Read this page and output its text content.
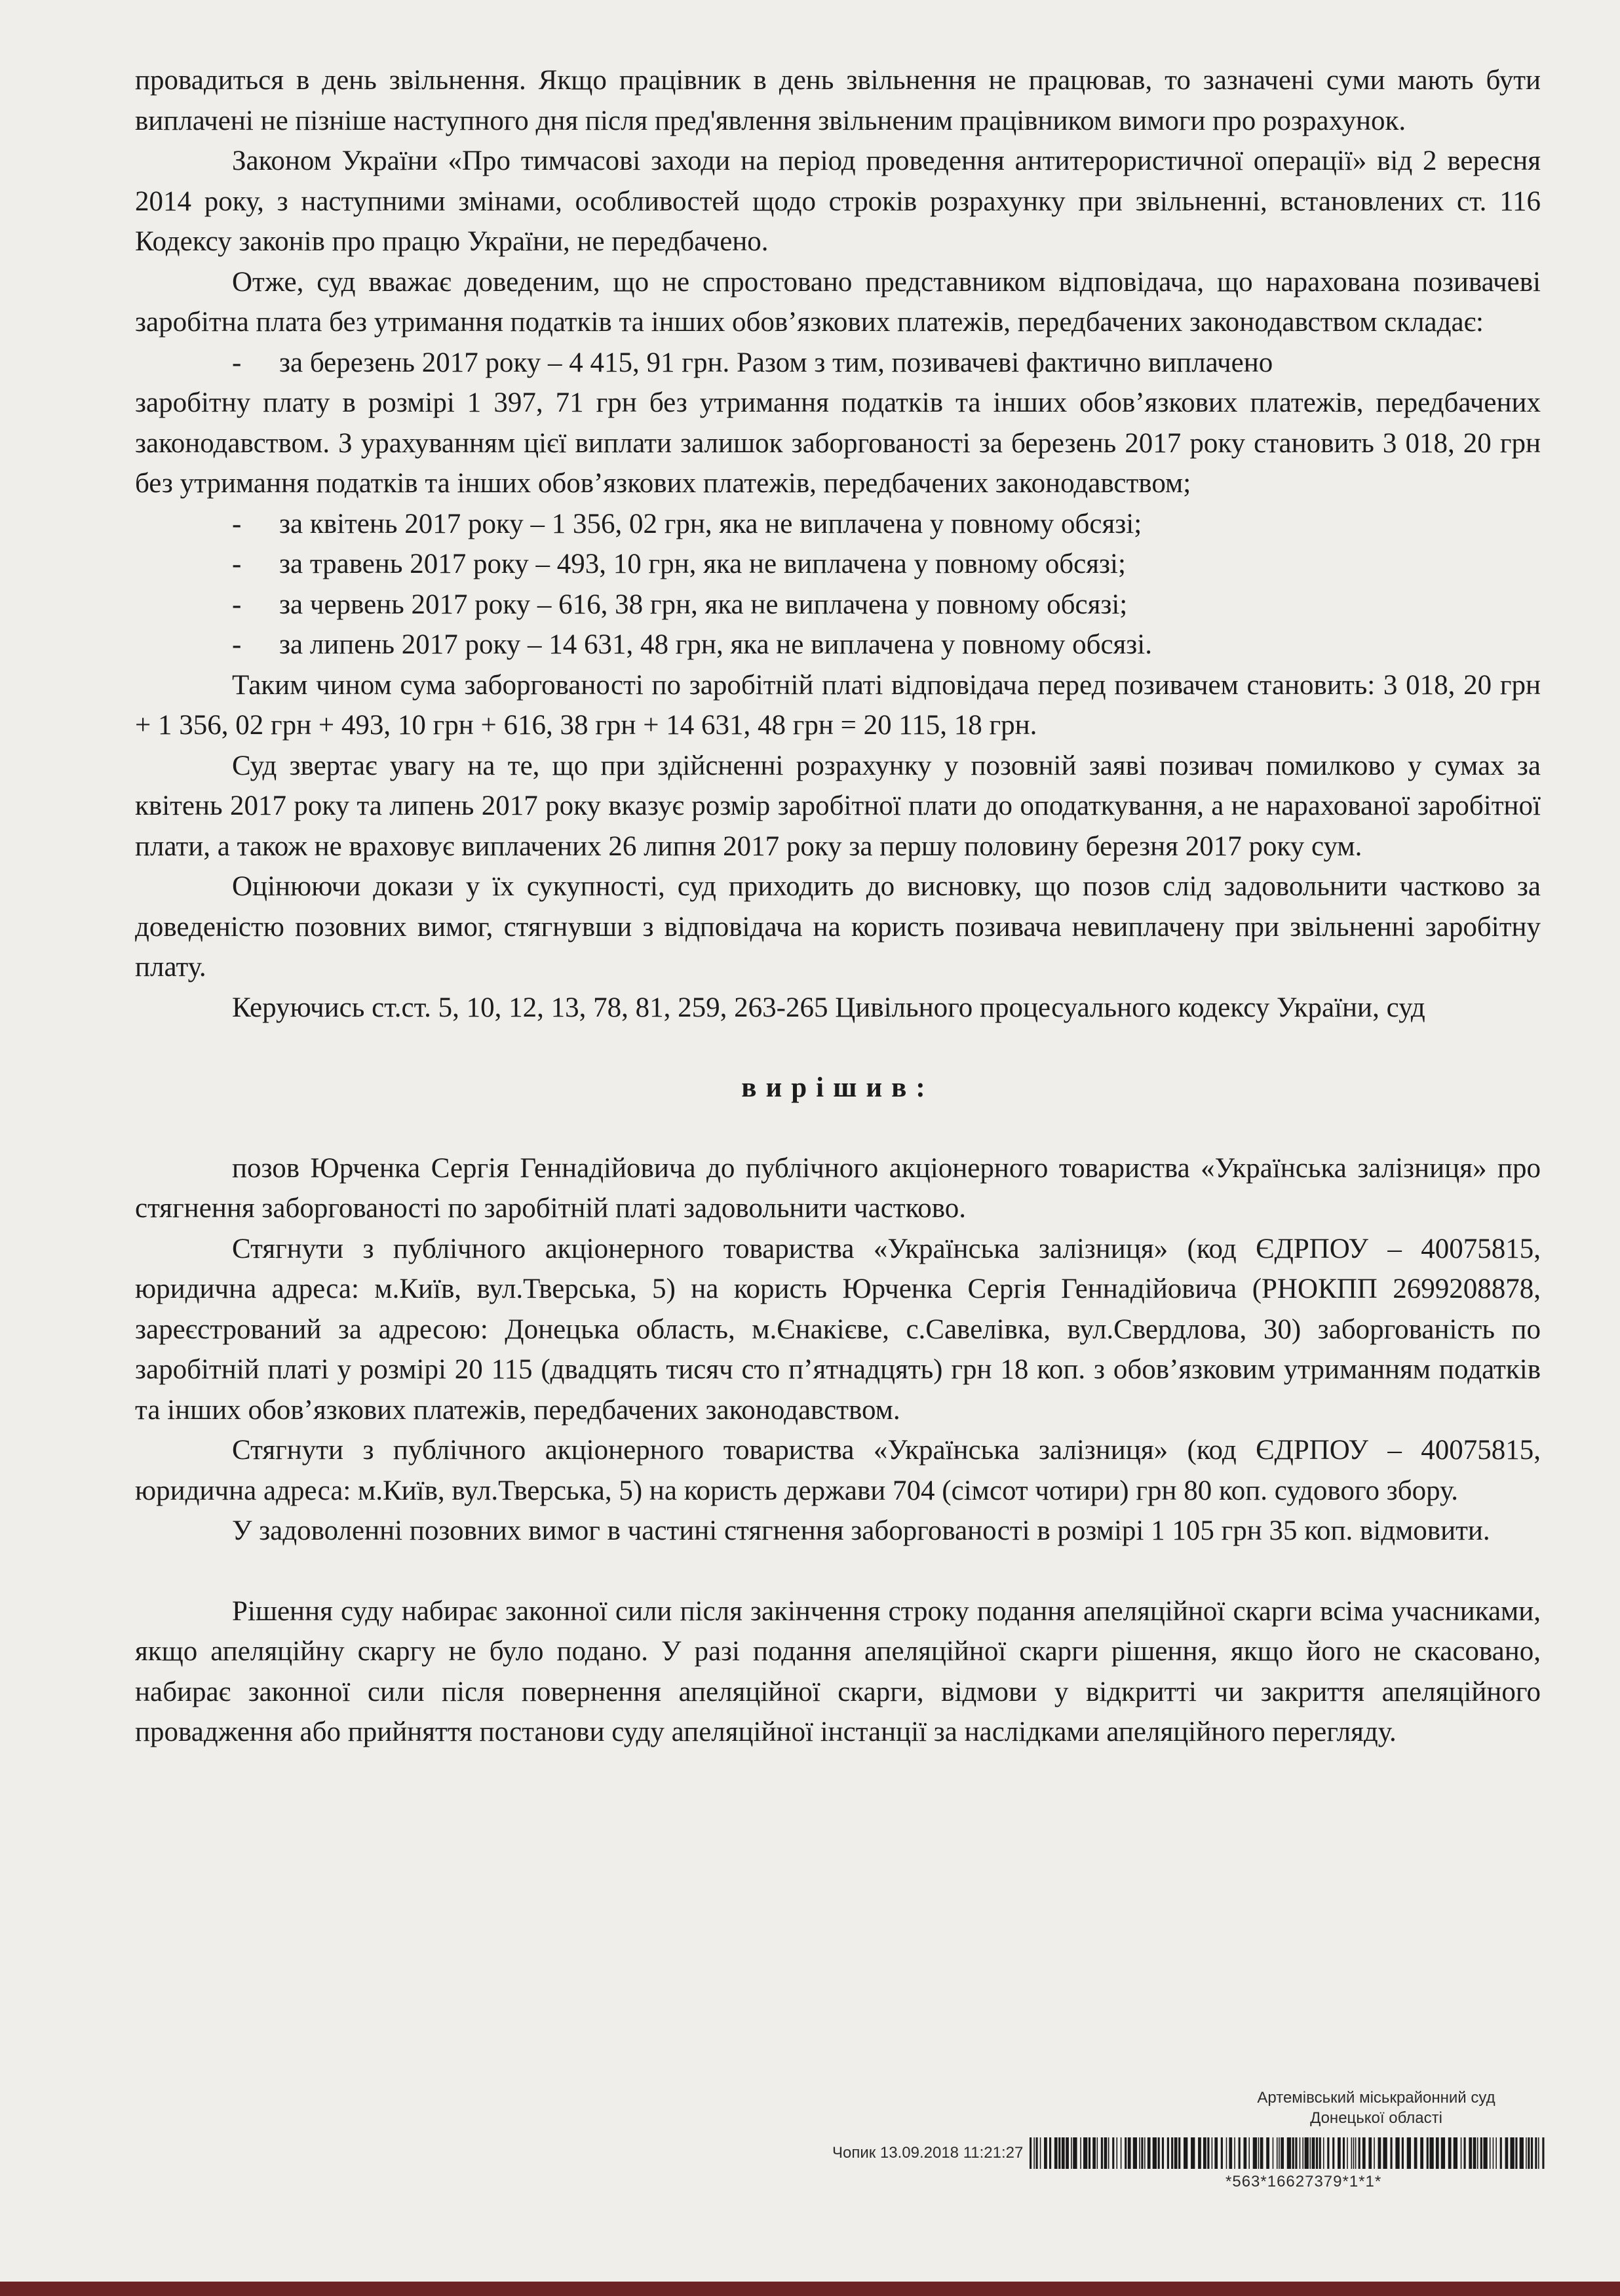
провадиться в день звільнення. Якщо працівник в день звільнення не працював, то зазначені суми мають бути виплачені не пізніше наступного дня після пред'явлення звільненим працівником вимоги про розрахунок.

Законом України «Про тимчасові заходи на період проведення антитерористичної операції» від 2 вересня 2014 року, з наступними змінами, особливостей щодо строків розрахунку при звільненні, встановлених ст. 116 Кодексу законів про працю України, не передбачено.

Отже, суд вважає доведеним, що не спростовано представником відповідача, що нарахована позивачеві заробітна плата без утримання податків та інших обов’язкових платежів, передбачених законодавством складає:

-	за березень 2017 року – 4 415, 91 грн. Разом з тим, позивачеві фактично виплачено

заробітну плату в розмірі 1 397, 71 грн без утримання податків та інших обов’язкових платежів, передбачених законодавством. З урахуванням цієї виплати залишок заборгованості за березень 2017 року становить 3 018, 20 грн без утримання податків та інших обов’язкових платежів, передбачених законодавством;

-	за квітень 2017 року – 1 356, 02 грн, яка не виплачена у повному обсязі;
-	за травень 2017 року – 493, 10 грн, яка не виплачена у повному обсязі;
-	за червень 2017 року – 616, 38 грн, яка не виплачена у повному обсязі;
-	за липень 2017 року – 14 631, 48 грн, яка не виплачена у повному обсязі.

Таким чином сума заборгованості по заробітній платі відповідача перед позивачем становить: 3 018, 20 грн + 1 356, 02 грн + 493, 10 грн + 616, 38 грн + 14 631, 48 грн = 20 115, 18 грн.

Суд звертає увагу на те, що при здійсненні розрахунку у позовній заяві позивач помилково у сумах за квітень 2017 року та липень 2017 року вказує розмір заробітної плати до оподаткування, а не нарахованої заробітної плати, а також не враховує виплачених 26 липня 2017 року за першу половину березня 2017 року сум.

Оцінюючи докази у їх сукупності, суд приходить до висновку, що позов слід задовольнити частково за доведеністю позовних вимог, стягнувши з відповідача на користь позивача невиплачену при звільненні заробітну плату.

Керуючись ст.ст. 5, 10, 12, 13, 78, 81, 259, 263-265 Цивільного процесуального кодексу України, суд

вирішив:

позов Юрченка Сергія Геннадійовича до публічного акціонерного товариства «Українська залізниця» про стягнення заборгованості по заробітній платі задовольнити частково.

Стягнути з публічного акціонерного товариства «Українська залізниця» (код ЄДРПОУ – 40075815, юридична адреса: м.Київ, вул.Тверська, 5) на користь Юрченка Сергія Геннадійовича (РНОКПП 2699208878, зареєстрований за адресою: Донецька область, м.Єнакієве, с.Савелівка, вул.Свердлова, 30) заборгованість по заробітній платі у розмірі 20 115 (двадцять тисяч сто п’ятнадцять) грн 18 коп. з обов’язковим утриманням податків та інших обов’язкових платежів, передбачених законодавством.

Стягнути з публічного акціонерного товариства «Українська залізниця» (код ЄДРПОУ – 40075815, юридична адреса: м.Київ, вул.Тверська, 5) на користь держави 704 (сімсот чотири) грн 80 коп. судового збору.

У задоволенні позовних вимог в частині стягнення заборгованості в розмірі 1 105 грн 35 коп. відмовити.

Рішення суду набирає законної сили після закінчення строку подання апеляційної скарги всіма учасниками, якщо апеляційну скаргу не було подано. У разі подання апеляційної скарги рішення, якщо його не скасовано, набирає законної сили після повернення апеляційної скарги, відмови у відкритті чи закриття апеляційного провадження або прийняття постанови суду апеляційної інстанції за наслідками апеляційного перегляду.

Артемівський міськрайонний суд
Донецької області
Чопик 13.09.2018 11:21:27
*563*16627379*1*1*
